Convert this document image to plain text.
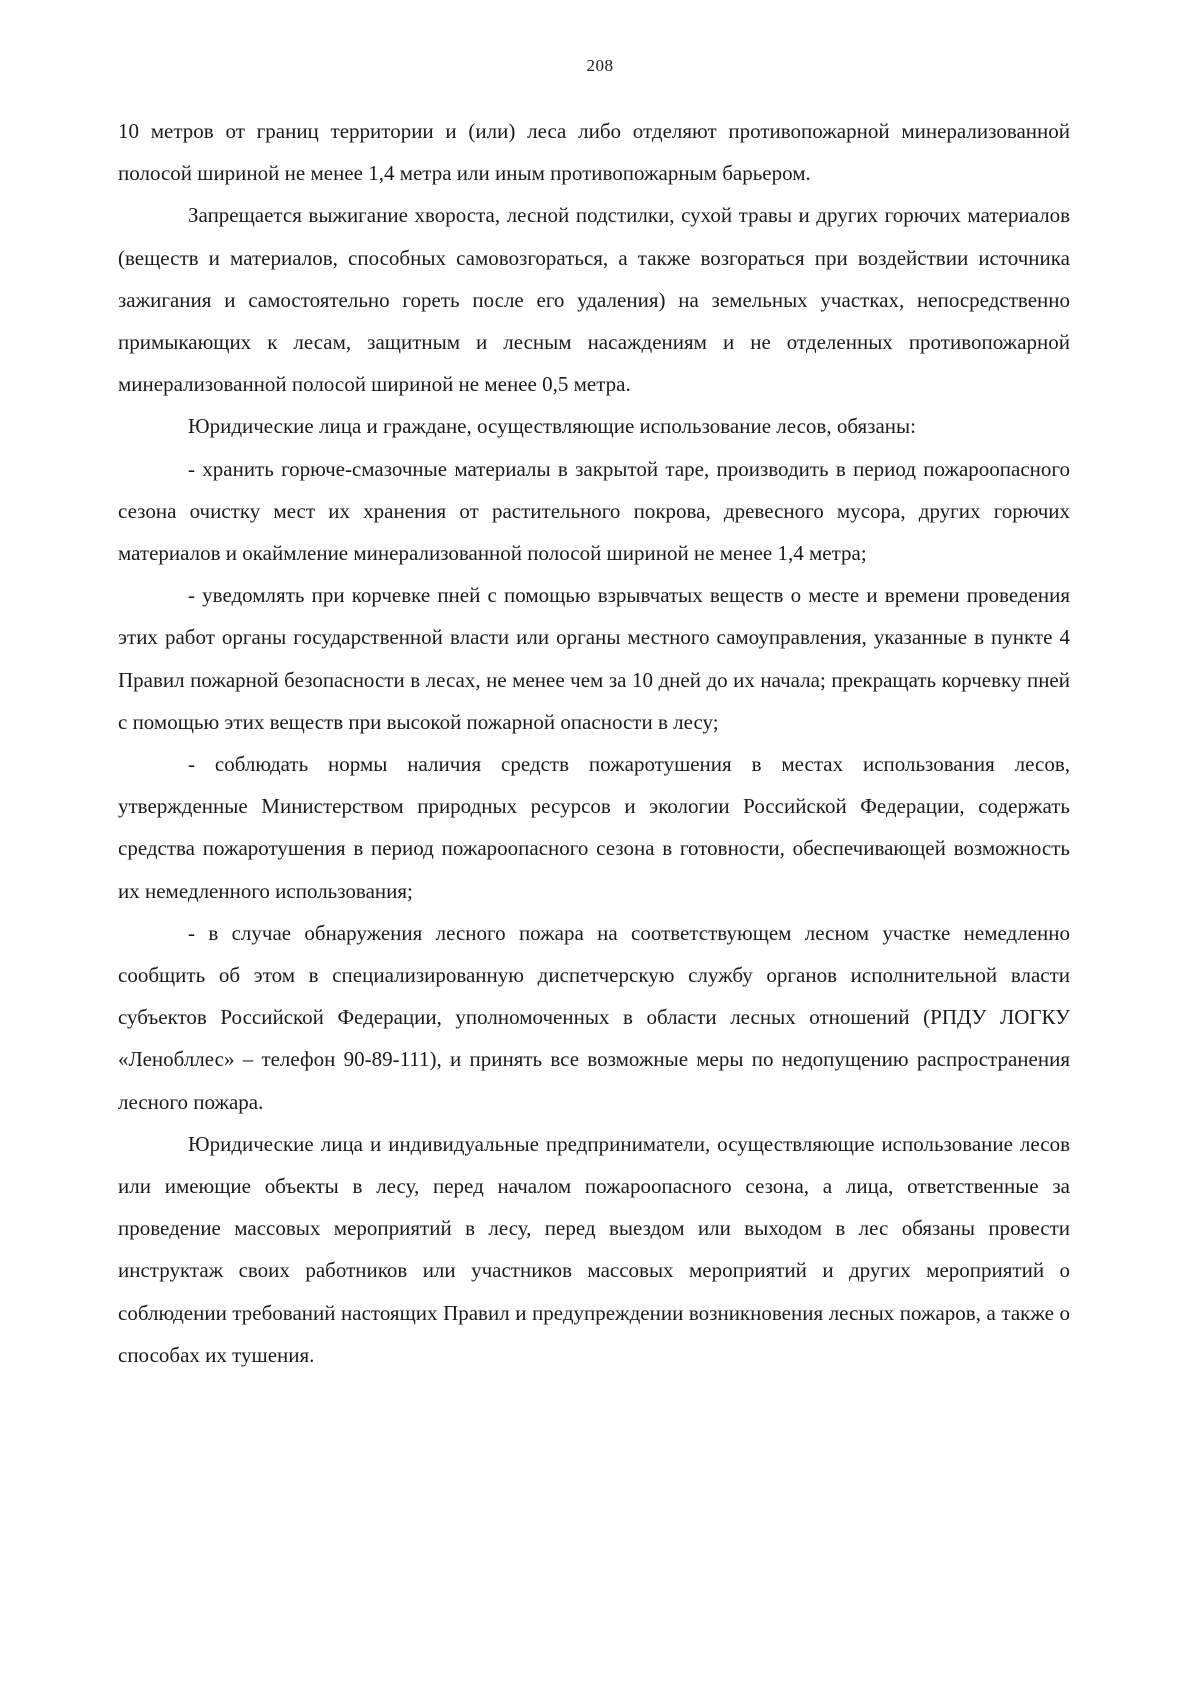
208

10 метров от границ территории и (или) леса либо отделяют противопожарной минерализованной полосой шириной не менее 1,4 метра или иным противопожарным барьером.

Запрещается выжигание хвороста, лесной подстилки, сухой травы и других горючих материалов (веществ и материалов, способных самовозгораться, а также возгораться при воздействии источника зажигания и самостоятельно гореть после его удаления) на земельных участках, непосредственно примыкающих к лесам, защитным и лесным насаждениям и не отделенных противопожарной минерализованной полосой шириной не менее 0,5 метра.

Юридические лица и граждане, осуществляющие использование лесов, обязаны:

- хранить горюче-смазочные материалы в закрытой таре, производить в период пожароопасного сезона очистку мест их хранения от растительного покрова, древесного мусора, других горючих материалов и окаймление минерализованной полосой шириной не менее 1,4 метра;

- уведомлять при корчевке пней с помощью взрывчатых веществ о месте и времени проведения этих работ органы государственной власти или органы местного самоуправления, указанные в пункте 4 Правил пожарной безопасности в лесах, не менее чем за 10 дней до их начала; прекращать корчевку пней с помощью этих веществ при высокой пожарной опасности в лесу;

- соблюдать нормы наличия средств пожаротушения в местах использования лесов, утвержденные Министерством природных ресурсов и экологии Российской Федерации, содержать средства пожаротушения в период пожароопасного сезона в готовности, обеспечивающей возможность их немедленного использования;

- в случае обнаружения лесного пожара на соответствующем лесном участке немедленно сообщить об этом в специализированную диспетчерскую службу органов исполнительной власти субъектов Российской Федерации, уполномоченных в области лесных отношений (РПДУ ЛОГКУ «Ленобллес» – телефон 90-89-111), и принять все возможные меры по недопущению распространения лесного пожара.

Юридические лица и индивидуальные предприниматели, осуществляющие использование лесов или имеющие объекты в лесу, перед началом пожароопасного сезона, а лица, ответственные за проведение массовых мероприятий в лесу, перед выездом или выходом в лес обязаны провести инструктаж своих работников или участников массовых мероприятий и других мероприятий о соблюдении требований настоящих Правил и предупреждении возникновения лесных пожаров, а также о способах их тушения.
